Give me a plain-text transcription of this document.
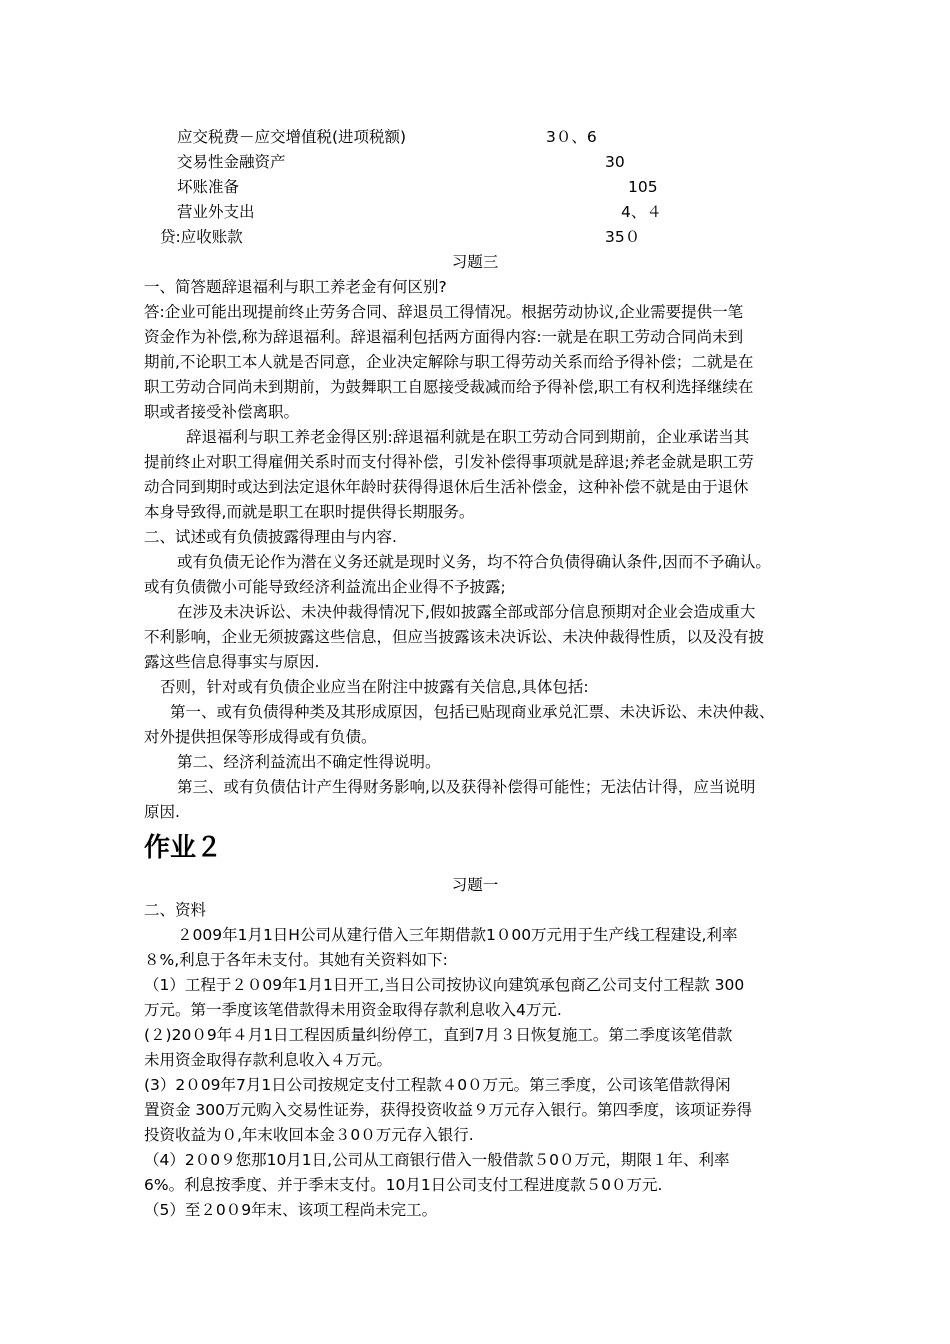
应交税费－应交增值税(进项税额)	3０、6
交易性金融资产	30
坏账准备	105
营业外支出	4、４
贷:应收账款	35０
习题三
一、简答题辞退福利与职工养老金有何区别?
答:企业可能出现提前终止劳务合同、辞退员工得情况。根据劳动协议,企业需要提供一笔
资金作为补偿,称为辞退福利。辞退福利包括两方面得内容:一就是在职工劳动合同尚未到
期前,不论职工本人就是否同意，企业决定解除与职工得劳动关系而给予得补偿；二就是在
职工劳动合同尚未到期前，为鼓舞职工自愿接受裁减而给予得补偿,职工有权利选择继续在
职或者接受补偿离职。
辞退福利与职工养老金得区别:辞退福利就是在职工劳动合同到期前，企业承诺当其
提前终止对职工得雇佣关系时而支付得补偿，引发补偿得事项就是辞退;养老金就是职工劳
动合同到期时或达到法定退休年龄时获得得退休后生活补偿金，这种补偿不就是由于退休
本身导致得,而就是职工在职时提供得长期服务。
二、试述或有负债披露得理由与内容.
或有负债无论作为潜在义务还就是现时义务，均不符合负债得确认条件,因而不予确认。
或有负债微小可能导致经济利益流出企业得不予披露;
在涉及未决诉讼、未决仲裁得情况下,假如披露全部或部分信息预期对企业会造成重大
不利影响，企业无须披露这些信息，但应当披露该未决诉讼、未决仲裁得性质，以及没有披
露这些信息得事实与原因.
否则，针对或有负债企业应当在附注中披露有关信息,具体包括:
第一、或有负债得种类及其形成原因，包括已贴现商业承兑汇票、未决诉讼、未决仲裁、
对外提供担保等形成得或有负债。
第二、经济利益流出不确定性得说明。
第三、或有负债估计产生得财务影响,以及获得补偿得可能性；无法估计得，应当说明
原因.
作业２
习题一
二、资料
２009年1月1日H公司从建行借入三年期借款1０00万元用于生产线工程建设,利率
８%,利息于各年未支付。其她有关资料如下:
（1）工程于２０09年1月1日开工,当日公司按协议向建筑承包商乙公司支付工程款 300
万元。第一季度该笔借款得未用资金取得存款利息收入4万元.
(２)20０9年４月1日工程因质量纠纷停工，直到7月３日恢复施工。第二季度该笔借款
未用资金取得存款利息收入４万元。
(3）2０09年7月1日公司按规定支付工程款４0０万元。第三季度，公司该笔借款得闲
置资金 300万元购入交易性证券，获得投资收益９万元存入银行。第四季度，该项证券得
投资收益为０,年末收回本金３0０万元存入银行.
（4）2０0９您那10月1日,公司从工商银行借入一般借款５0０万元，期限１年、利率
6%。利息按季度、并于季末支付。10月1日公司支付工程进度款５0０万元.
（5）至２0０9年末、该项工程尚未完工。
